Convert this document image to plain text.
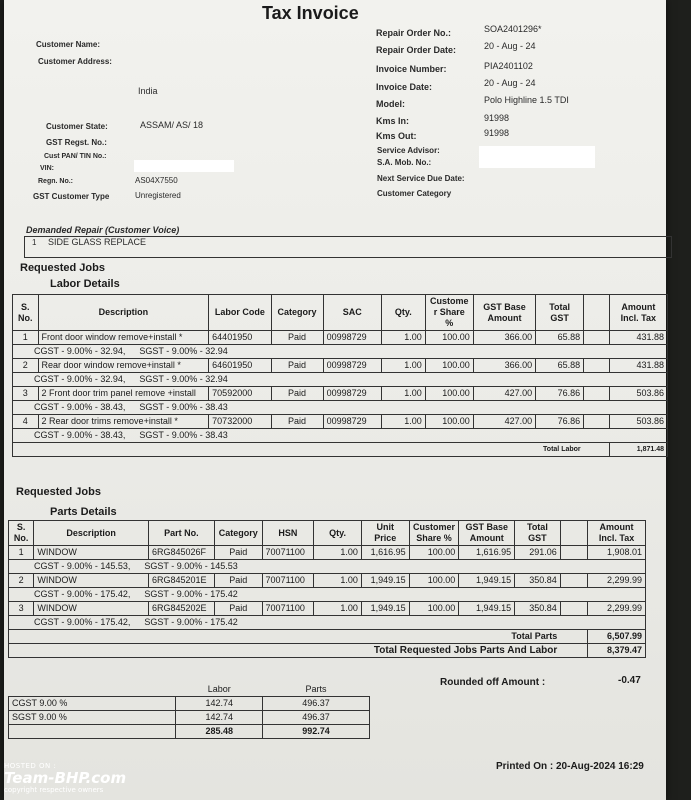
Tax Invoice
Customer Name:
Customer Address:
India
Customer State:	ASSAM/ AS/ 18
GST Regst. No.:
Cust PAN/ TIN No.:
VIN:
Regn. No.:	AS04X7550
GST Customer Type	Unregistered
Repair Order No.:	SOA2401296*
Repair Order Date:	20 - Aug - 24
Invoice Number:	PIA2401102
Invoice Date:	20 - Aug - 24
Model:	Polo Highline 1.5 TDI
Kms In:	91998
Kms Out:	91998
Service Advisor:
S.A. Mob. No.:
Next Service Due Date:
Customer Category
Demanded Repair (Customer Voice)
1 SIDE GLASS REPLACE
Requested Jobs
Labor Details
S. No.	Description	Labor Code	Category	SAC	Qty.	Custome r Share %	GST Base Amount	Total GST		Amount Incl. Tax
1	Front door window remove+install *	64401950	Paid	00998729	1.00	100.00	366.00	65.88		431.88
CGST - 9.00% - 32.94, SGST - 9.00% - 32.94										
2	Rear door window remove+install *	64601950	Paid	00998729	1.00	100.00	366.00	65.88		431.88
CGST - 9.00% - 32.94, SGST - 9.00% - 32.94										
3	2 Front door trim panel remove +install	70592000	Paid	00998729	1.00	100.00	427.00	76.86		503.86
CGST - 9.00% - 38.43, SGST - 9.00% - 38.43										
4	2 Rear door trims remove+install *	70732000	Paid	00998729	1.00	100.00	427.00	76.86		503.86
CGST - 9.00% - 38.43, SGST - 9.00% - 38.43										
Total Labor										1,871.48
Requested Jobs
Parts Details
S. No.	Description	Part No.	Category	HSN	Qty.	Unit Price	Customer Share %	GST Base Amount	Total GST		Amount Incl. Tax
1	WINDOW	6RG845026F	Paid	70071100	1.00	1,616.95	100.00	1,616.95	291.06		1,908.01
CGST - 9.00% - 145.53, SGST - 9.00% - 145.53											
2	WINDOW	6RG845201E	Paid	70071100	1.00	1,949.15	100.00	1,949.15	350.84		2,299.99
CGST - 9.00% - 175.42, SGST - 9.00% - 175.42											
3	WINDOW	6RG845202E	Paid	70071100	1.00	1,949.15	100.00	1,949.15	350.84		2,299.99
CGST - 9.00% - 175.42, SGST - 9.00% - 175.42											
Total Parts											6,507.99
Total Requested Jobs Parts And Labor											8,379.47
Rounded off Amount :	-0.47
	Labor	Parts
CGST 9.00 %	142.74	496.37
SGST 9.00 %	142.74	496.37
	285.48	992.74
Printed On : 20-Aug-2024 16:29
HOSTED ON :
Team-BHP.com
copyright respective owners
